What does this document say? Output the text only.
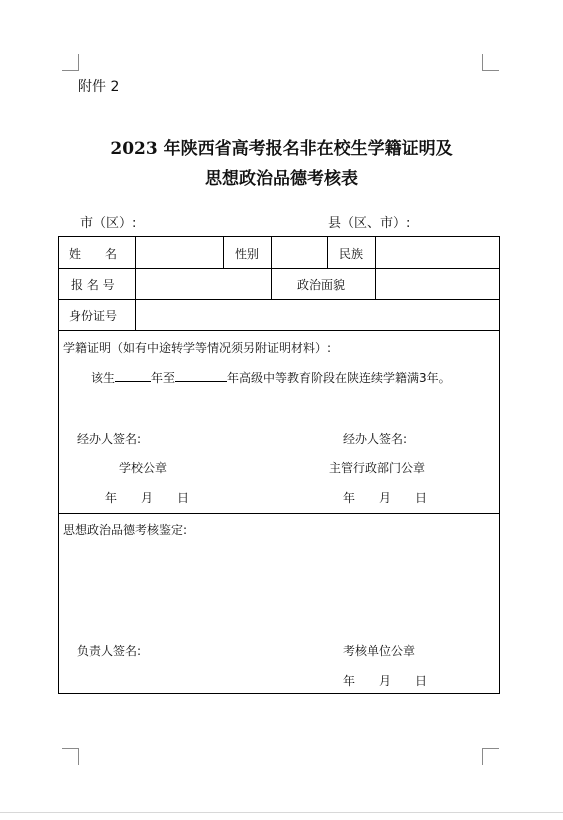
附件 2
2023 年陕西省高考报名非在校生学籍证明及
思想政治品德考核表
市（区）:	县（区、市）:
姓　　名	性别	民族
报 名 号	政治面貌
身份证号
学籍证明（如有中途转学等情况须另附证明材料）:
该生	年至	年高级中等教育阶段在陕连续学籍满3年。
经办人签名:	经办人签名:
学校公章	主管行政部门公章
年　　月　　日	年　　月　　日
思想政治品德考核鉴定:
负责人签名:	考核单位公章
年　　月　　日
